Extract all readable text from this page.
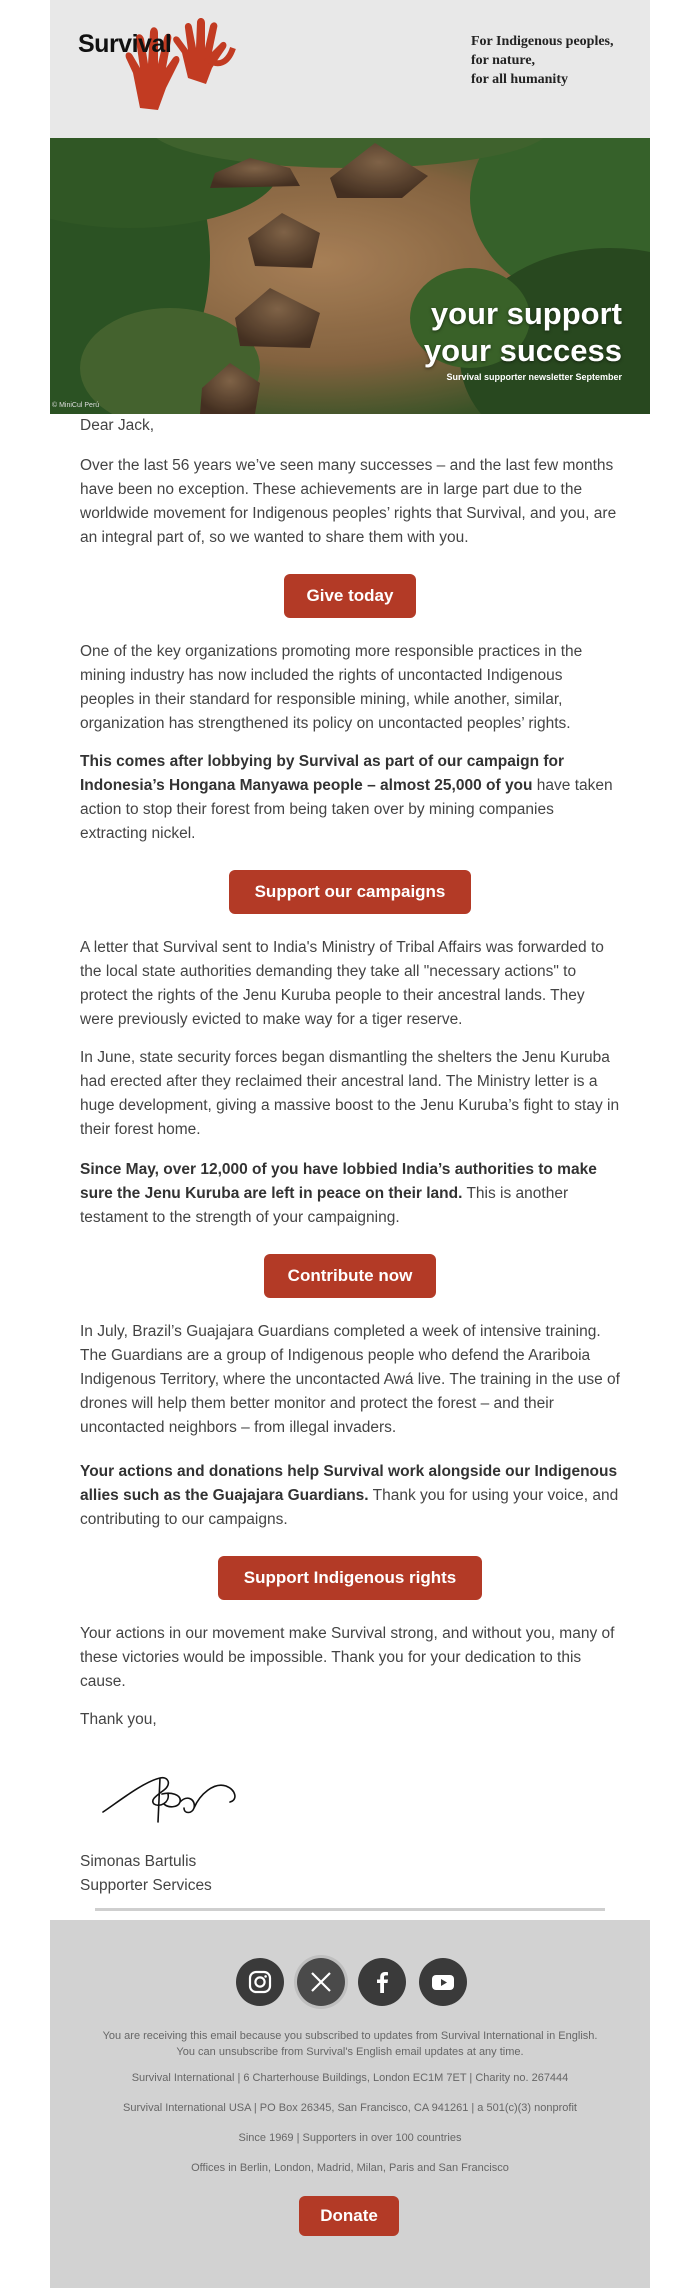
Survival	For Indigenous peoples,
for nature,
for all humanity
your support
your success
Survival supporter newsletter September
© MiniCul Perú
Dear Jack,
Over the last 56 years we’ve seen many successes – and the last few months have been no exception. These achievements are in large part due to the worldwide movement for Indigenous peoples’ rights that Survival, and you, are an integral part of, so we wanted to share them with you.
Give today
One of the key organizations promoting more responsible practices in the mining industry has now included the rights of uncontacted Indigenous peoples in their standard for responsible mining, while another, similar, organization has strengthened its policy on uncontacted peoples’ rights.
This comes after lobbying by Survival as part of our campaign for Indonesia’s Hongana Manyawa people – almost 25,000 of you have taken action to stop their forest from being taken over by mining companies extracting nickel.
Support our campaigns
A letter that Survival sent to India's Ministry of Tribal Affairs was forwarded to the local state authorities demanding they take all "necessary actions" to protect the rights of the Jenu Kuruba people to their ancestral lands. They were previously evicted to make way for a tiger reserve.
In June, state security forces began dismantling the shelters the Jenu Kuruba had erected after they reclaimed their ancestral land. The Ministry letter is a huge development, giving a massive boost to the Jenu Kuruba’s fight to stay in their forest home.
Since May, over 12,000 of you have lobbied India’s authorities to make sure the Jenu Kuruba are left in peace on their land. This is another testament to the strength of your campaigning.
Contribute now
In July, Brazil’s Guajajara Guardians completed a week of intensive training. The Guardians are a group of Indigenous people who defend the Arariboia Indigenous Territory, where the uncontacted Awá live. The training in the use of drones will help them better monitor and protect the forest – and their uncontacted neighbors – from illegal invaders.
Your actions and donations help Survival work alongside our Indigenous allies such as the Guajajara Guardians. Thank you for using your voice, and contributing to our campaigns.
Support Indigenous rights
Your actions in our movement make Survival strong, and without you, many of these victories would be impossible. Thank you for your dedication to this cause.
Thank you,
Simonas Bartulis
Supporter Services
You are receiving this email because you subscribed to updates from Survival International in English.
You can unsubscribe from Survival's English email updates at any time.
Survival International | 6 Charterhouse Buildings, London EC1M 7ET | Charity no. 267444
Survival International USA | PO Box 26345, San Francisco, CA 941261 | a 501(c)(3) nonprofit
Since 1969 | Supporters in over 100 countries
Offices in Berlin, London, Madrid, Milan, Paris and San Francisco
Donate
